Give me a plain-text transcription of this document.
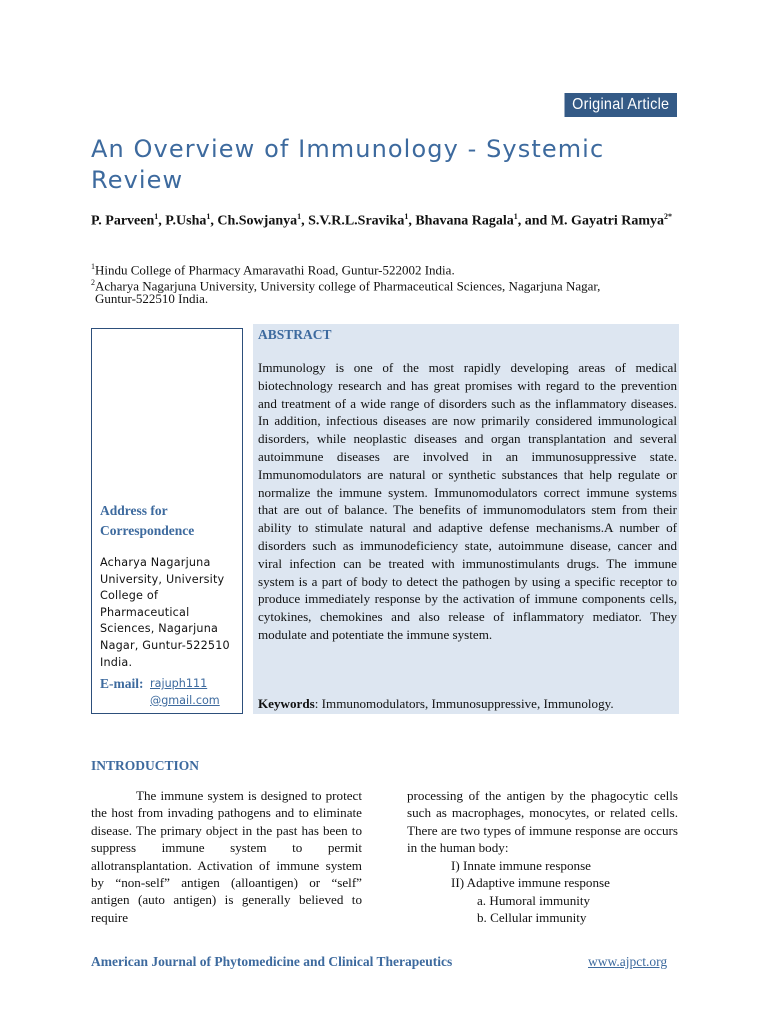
Original Article
An Overview of Immunology - Systemic Review
P. Parveen$^1$, P.Usha$^1$, Ch.Sowjanya$^1$, S.V.R.L.Sravika$^1$, Bhavana Ragala$^1$, and M. Gayatri Ramya$^{2*}$
$^1$Hindu College of Pharmacy Amaravathi Road, Guntur-522002 India.
$^2$Acharya Nagarjuna University, University college of Pharmaceutical Sciences, Nagarjuna Nagar,
Guntur-522510 India.
Address for Correspondence
Acharya Nagarjuna University, University College of Pharmaceutical Sciences, Nagarjuna Nagar, Guntur-522510 India.
E-mail: rajuph111 @gmail.com
ABSTRACT
Immunology is one of the most rapidly developing areas of medical biotechnology research and has great promises with regard to the prevention and treatment of a wide range of disorders such as the inflammatory diseases. In addition, infectious diseases are now primarily considered immunological disorders, while neoplastic diseases and organ transplantation and several autoimmune diseases are involved in an immunosuppressive state. Immunomodulators are natural or synthetic substances that help regulate or normalize the immune system. Immunomodulators correct immune systems that are out of balance. The benefits of immunomodulators stem from their ability to stimulate natural and adaptive defense mechanisms.A number of disorders such as immunodeficiency state, autoimmune disease, cancer and viral infection can be treated with immunostimulants drugs. The immune system is a part of body to detect the pathogen by using a specific receptor to produce immediately response by the activation of immune components cells, cytokines, chemokines and also release of inflammatory mediator. They modulate and potentiate the immune system.
Keywords: Immunomodulators, Immunosuppressive, Immunology.
INTRODUCTION
The immune system is designed to protect the host from invading pathogens and to eliminate disease. The primary object in the past has been to suppress immune system to permit allotransplantation. Activation of immune system by “non-self” antigen (alloantigen) or “self” antigen (auto antigen) is generally believed to require
processing of the antigen by the phagocytic cells such as macrophages, monocytes, or related cells. There are two types of immune response are occurs in the human body:
I) Innate immune response
II) Adaptive immune response
a. Humoral immunity
b. Cellular immunity
American Journal of Phytomedicine and Clinical Therapeutics	www.ajpct.org
